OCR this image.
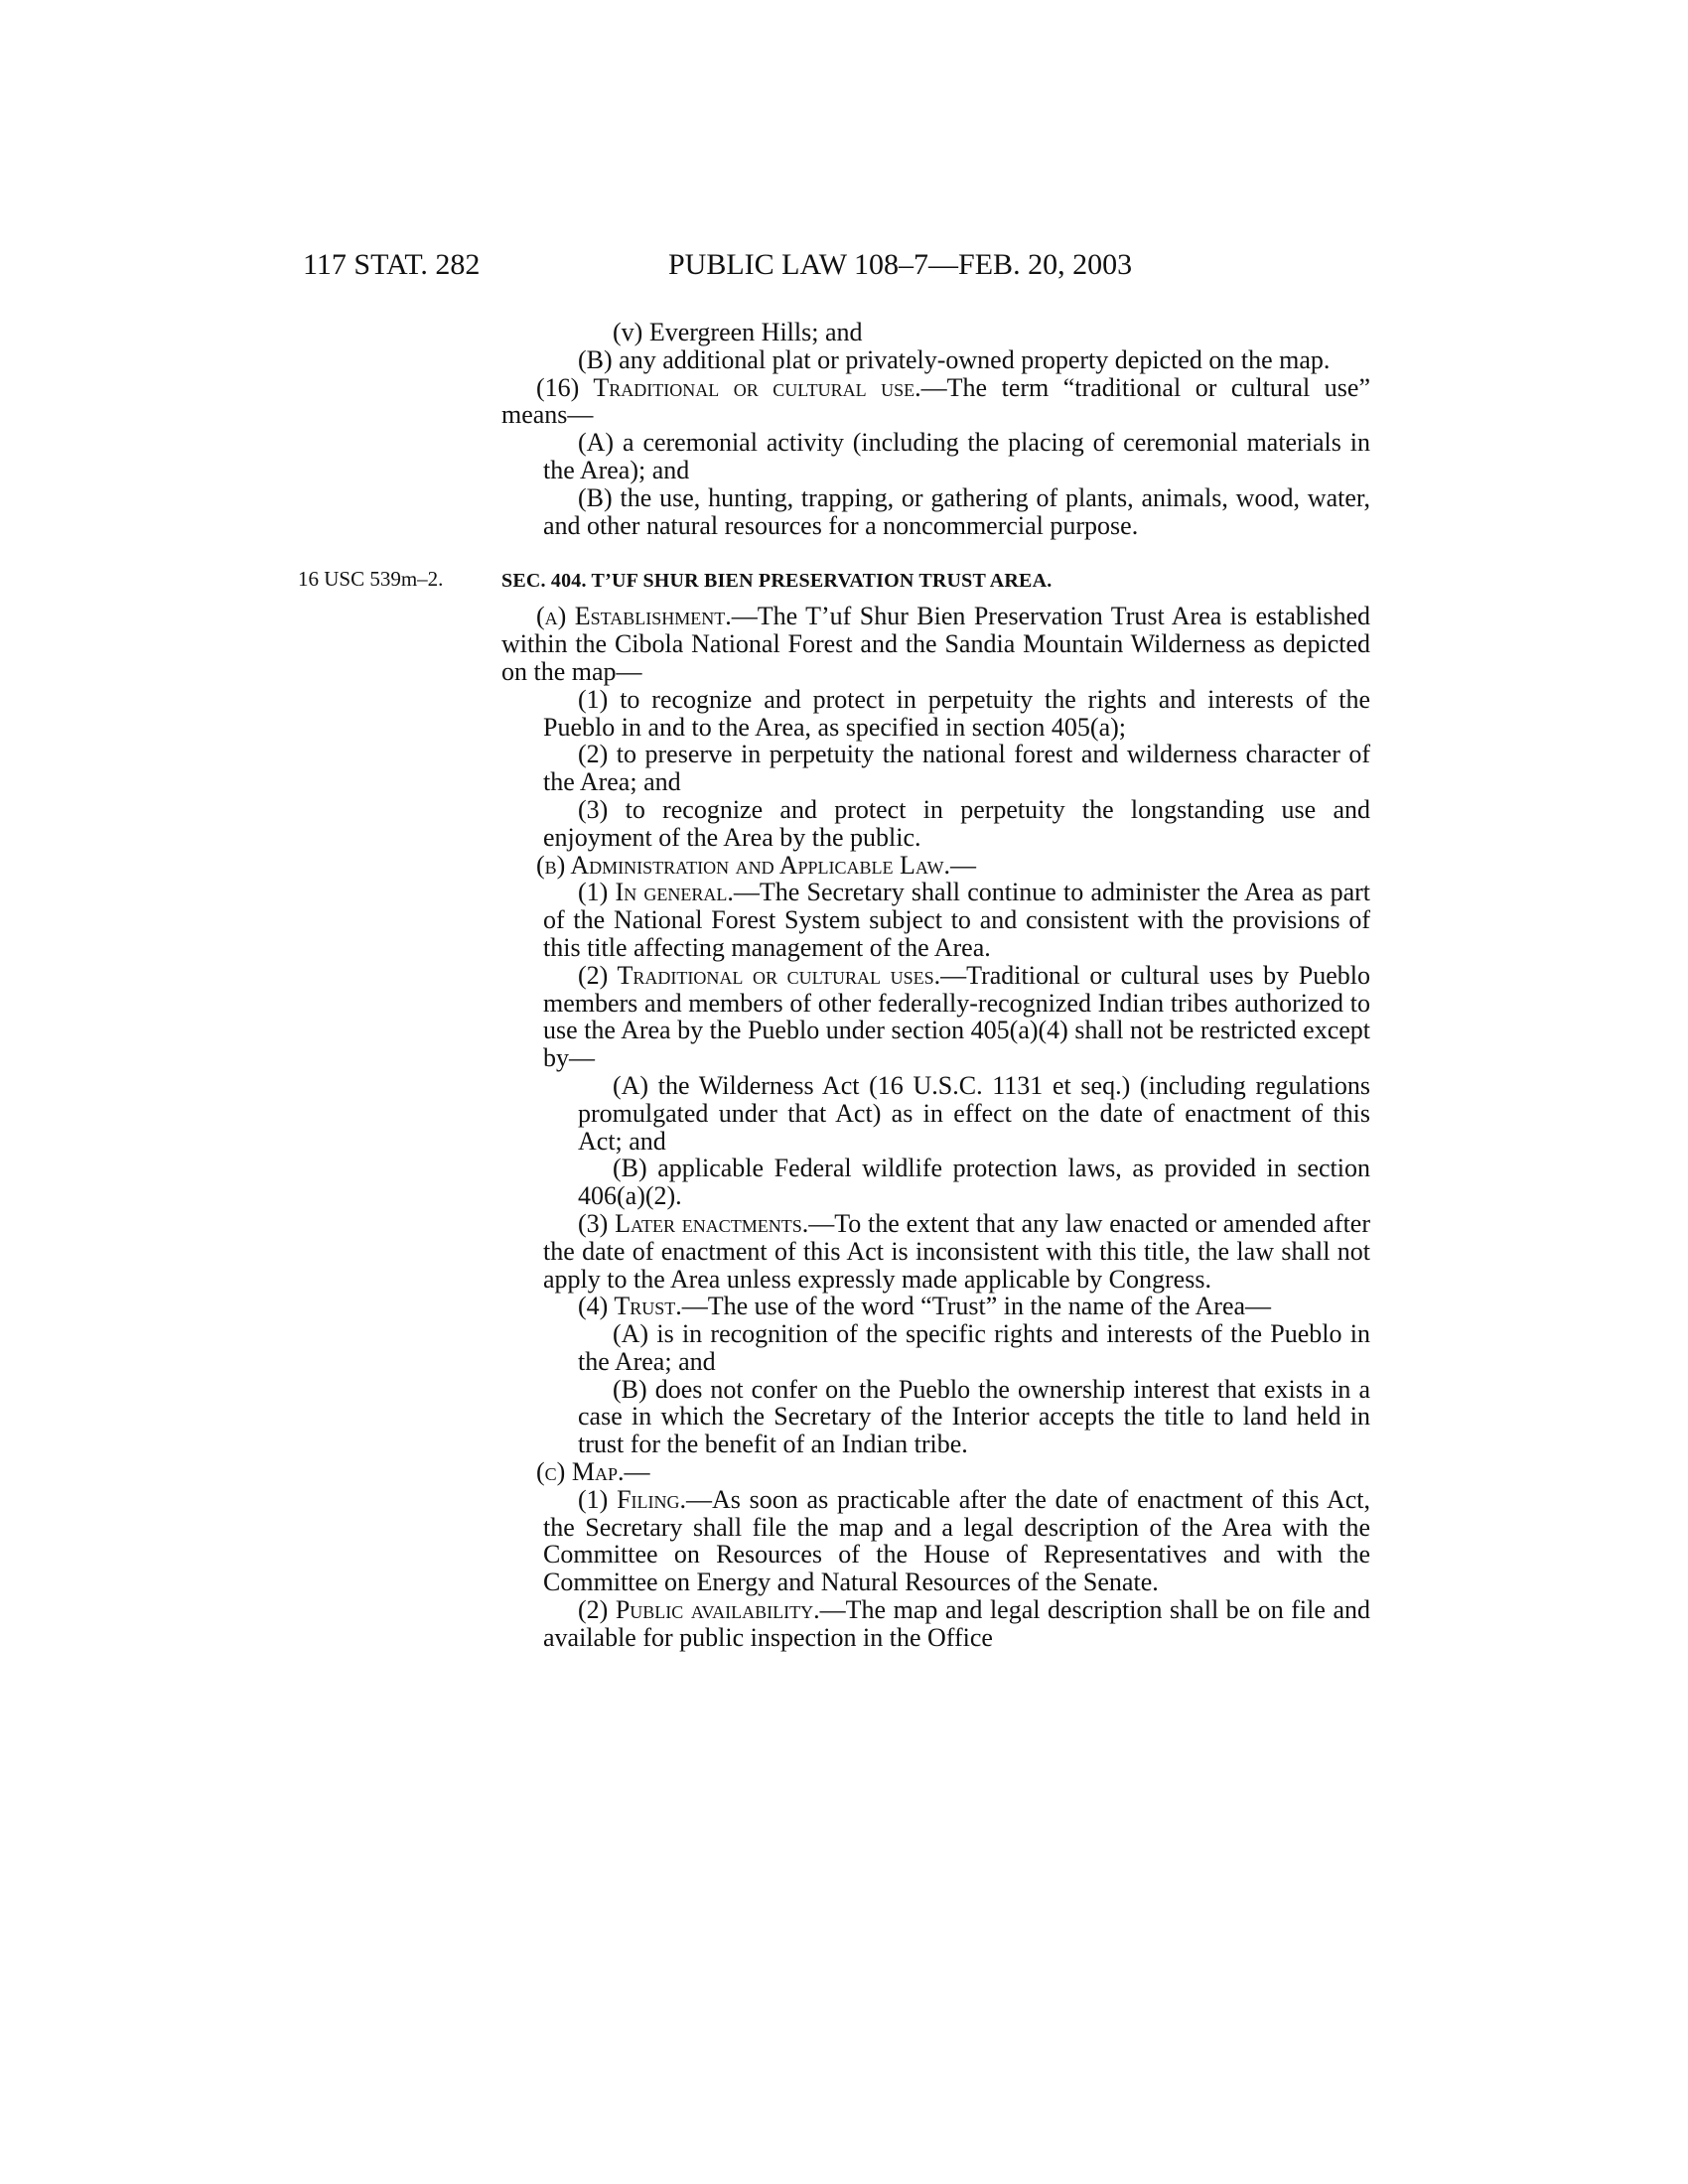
117 STAT. 282	PUBLIC LAW 108–7—FEB. 20, 2003

(v) Evergreen Hills; and

(B) any additional plat or privately-owned property depicted on the map.

(16) Traditional or cultural use.—The term “traditional or cultural use” means—

(A) a ceremonial activity (including the placing of ceremonial materials in the Area); and

(B) the use, hunting, trapping, or gathering of plants, animals, wood, water, and other natural resources for a noncommercial purpose.

16 USC 539m–2.	SEC. 404. T’UF SHUR BIEN PRESERVATION TRUST AREA.

(a) Establishment.—The T’uf Shur Bien Preservation Trust Area is established within the Cibola National Forest and the Sandia Mountain Wilderness as depicted on the map—

(1) to recognize and protect in perpetuity the rights and interests of the Pueblo in and to the Area, as specified in section 405(a);

(2) to preserve in perpetuity the national forest and wilderness character of the Area; and

(3) to recognize and protect in perpetuity the longstanding use and enjoyment of the Area by the public.

(b) Administration and Applicable Law.—

(1) In general.—The Secretary shall continue to administer the Area as part of the National Forest System subject to and consistent with the provisions of this title affecting management of the Area.

(2) Traditional or cultural uses.—Traditional or cultural uses by Pueblo members and members of other federally-recognized Indian tribes authorized to use the Area by the Pueblo under section 405(a)(4) shall not be restricted except by—

(A) the Wilderness Act (16 U.S.C. 1131 et seq.) (including regulations promulgated under that Act) as in effect on the date of enactment of this Act; and

(B) applicable Federal wildlife protection laws, as provided in section 406(a)(2).

(3) Later enactments.—To the extent that any law enacted or amended after the date of enactment of this Act is inconsistent with this title, the law shall not apply to the Area unless expressly made applicable by Congress.

(4) Trust.—The use of the word “Trust” in the name of the Area—

(A) is in recognition of the specific rights and interests of the Pueblo in the Area; and

(B) does not confer on the Pueblo the ownership interest that exists in a case in which the Secretary of the Interior accepts the title to land held in trust for the benefit of an Indian tribe.

(c) Map.—

(1) Filing.—As soon as practicable after the date of enactment of this Act, the Secretary shall file the map and a legal description of the Area with the Committee on Resources of the House of Representatives and with the Committee on Energy and Natural Resources of the Senate.

(2) Public availability.—The map and legal description shall be on file and available for public inspection in the Office
